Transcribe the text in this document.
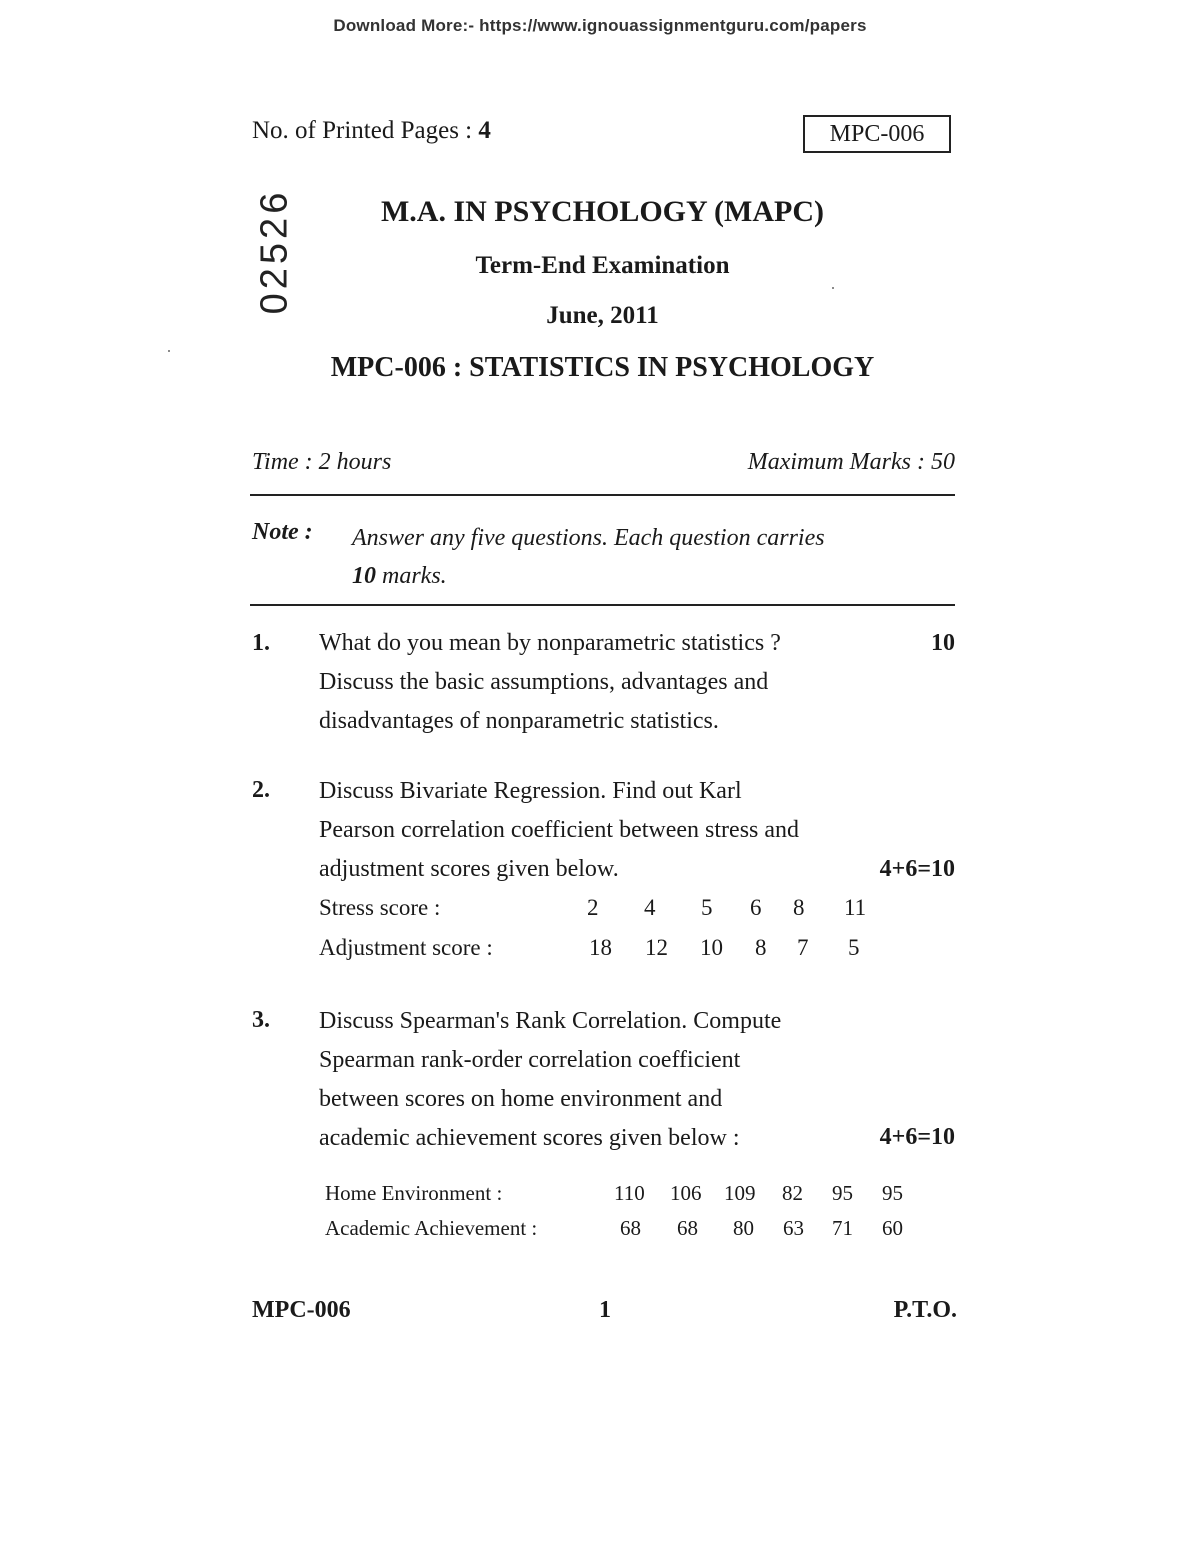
Download More:- https://www.ignouassignmentguru.com/papers
No. of Printed Pages : 4	MPC-006
02526	M.A. IN PSYCHOLOGY (MAPC)
Term-End Examination
June, 2011
MPC-006 : STATISTICS IN PSYCHOLOGY
Time : 2 hours	Maximum Marks : 50
Note : Answer any five questions. Each question carries
10 marks.
1. What do you mean by nonparametric statistics ?
Discuss the basic assumptions, advantages and
disadvantages of nonparametric statistics.
10
2. Discuss Bivariate Regression. Find out Karl
Pearson correlation coefficient between stress and
adjustment scores given below.	4+6=10
Stress score :	2 4 5 6 8 11
Adjustment score :	18 12 10 8 7 5
3. Discuss Spearman's Rank Correlation. Compute
Spearman rank-order correlation coefficient
between scores on home environment and
academic achievement scores given below :	4+6=10
Home Environment :	110 106 109 82 95 95
Academic Achievement :	68 68 80 63 71 60
MPC-006	1	P.T.O.
